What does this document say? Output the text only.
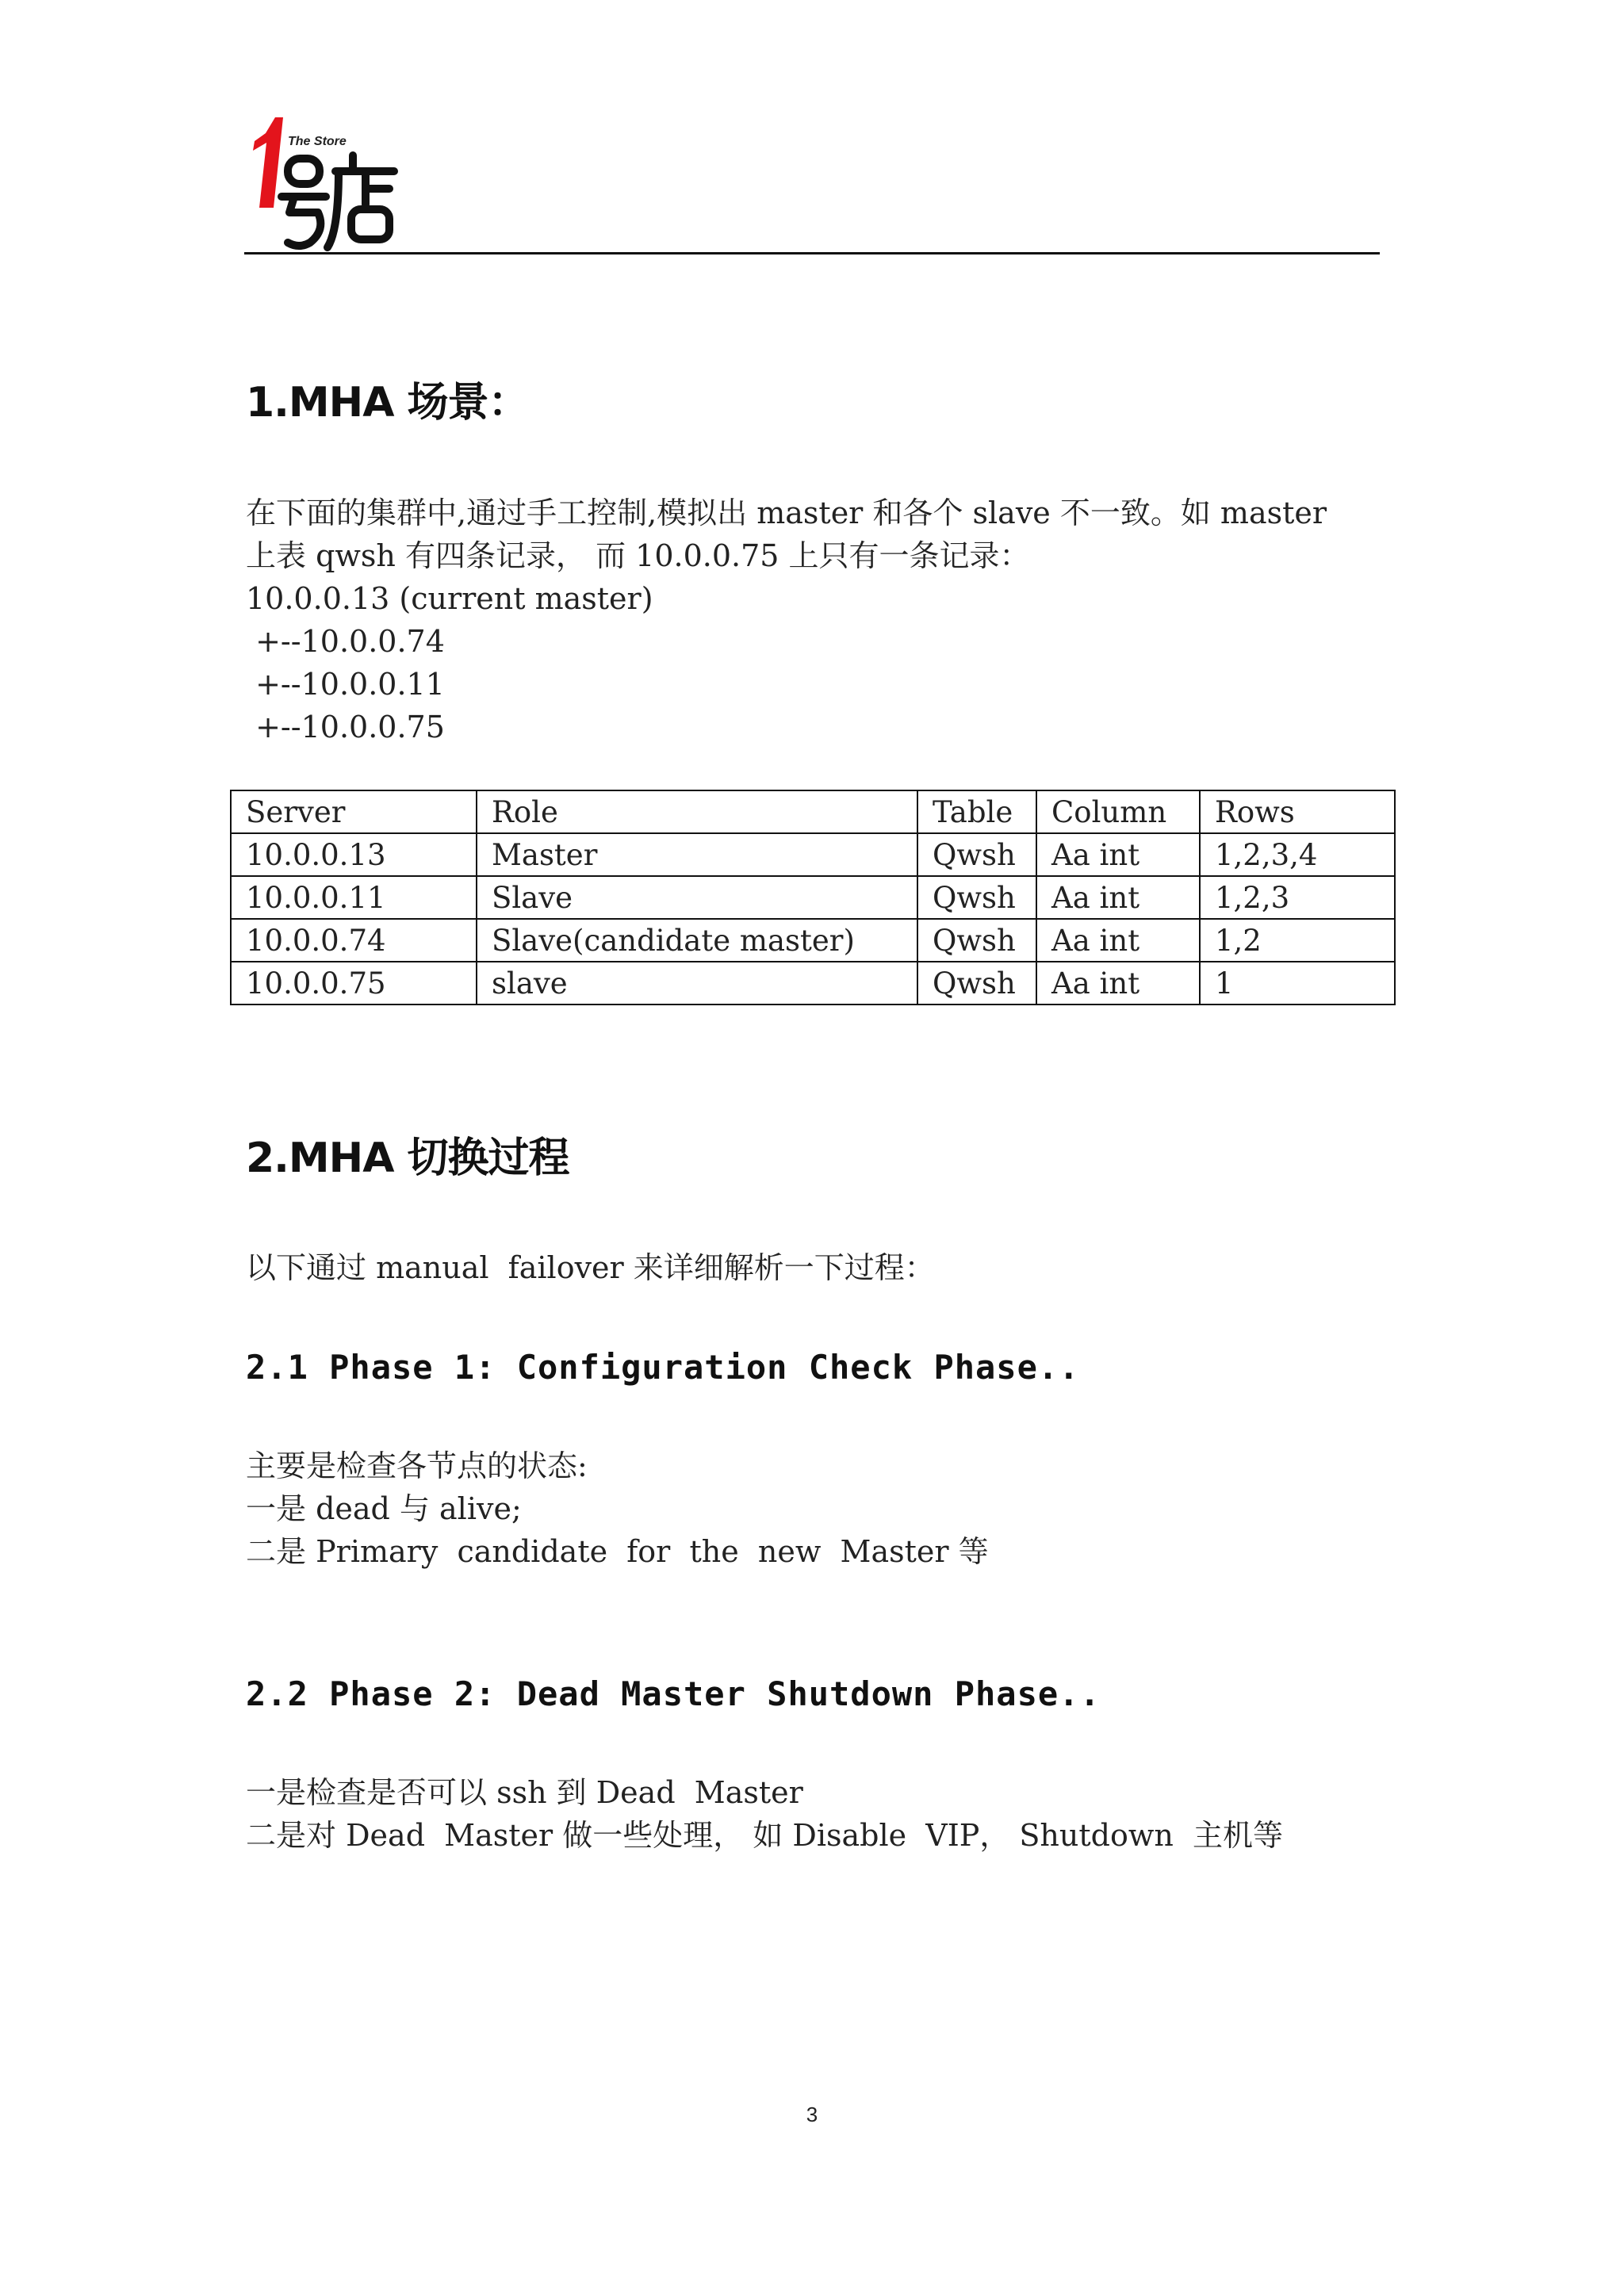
The Store
1.MHA 场景：
在下面的集群中,通过手工控制,模拟出 master 和各个 slave 不一致。如 master
上表 qwsh 有四条记录， 而 10.0.0.75 上只有一条记录：
10.0.0.13 (current master)
+--10.0.0.74
+--10.0.0.11
+--10.0.0.75
Server	Role	Table	Column	Rows
10.0.0.13	Master	Qwsh	Aa int	1,2,3,4
10.0.0.11	Slave	Qwsh	Aa int	1,2,3
10.0.0.74	Slave(candidate master)	Qwsh	Aa int	1,2
10.0.0.75	slave	Qwsh	Aa int	1
2.MHA 切换过程
以下通过 manual  failover 来详细解析一下过程：
2.1 Phase 1: Configuration Check Phase..
主要是检查各节点的状态:
一是 dead 与 alive;
二是 Primary  candidate  for  the  new  Master 等
2.2 Phase 2: Dead Master Shutdown Phase..
一是检查是否可以 ssh 到 Dead  Master
二是对 Dead  Master 做一些处理， 如 Disable  VIP， Shutdown  主机等
3
